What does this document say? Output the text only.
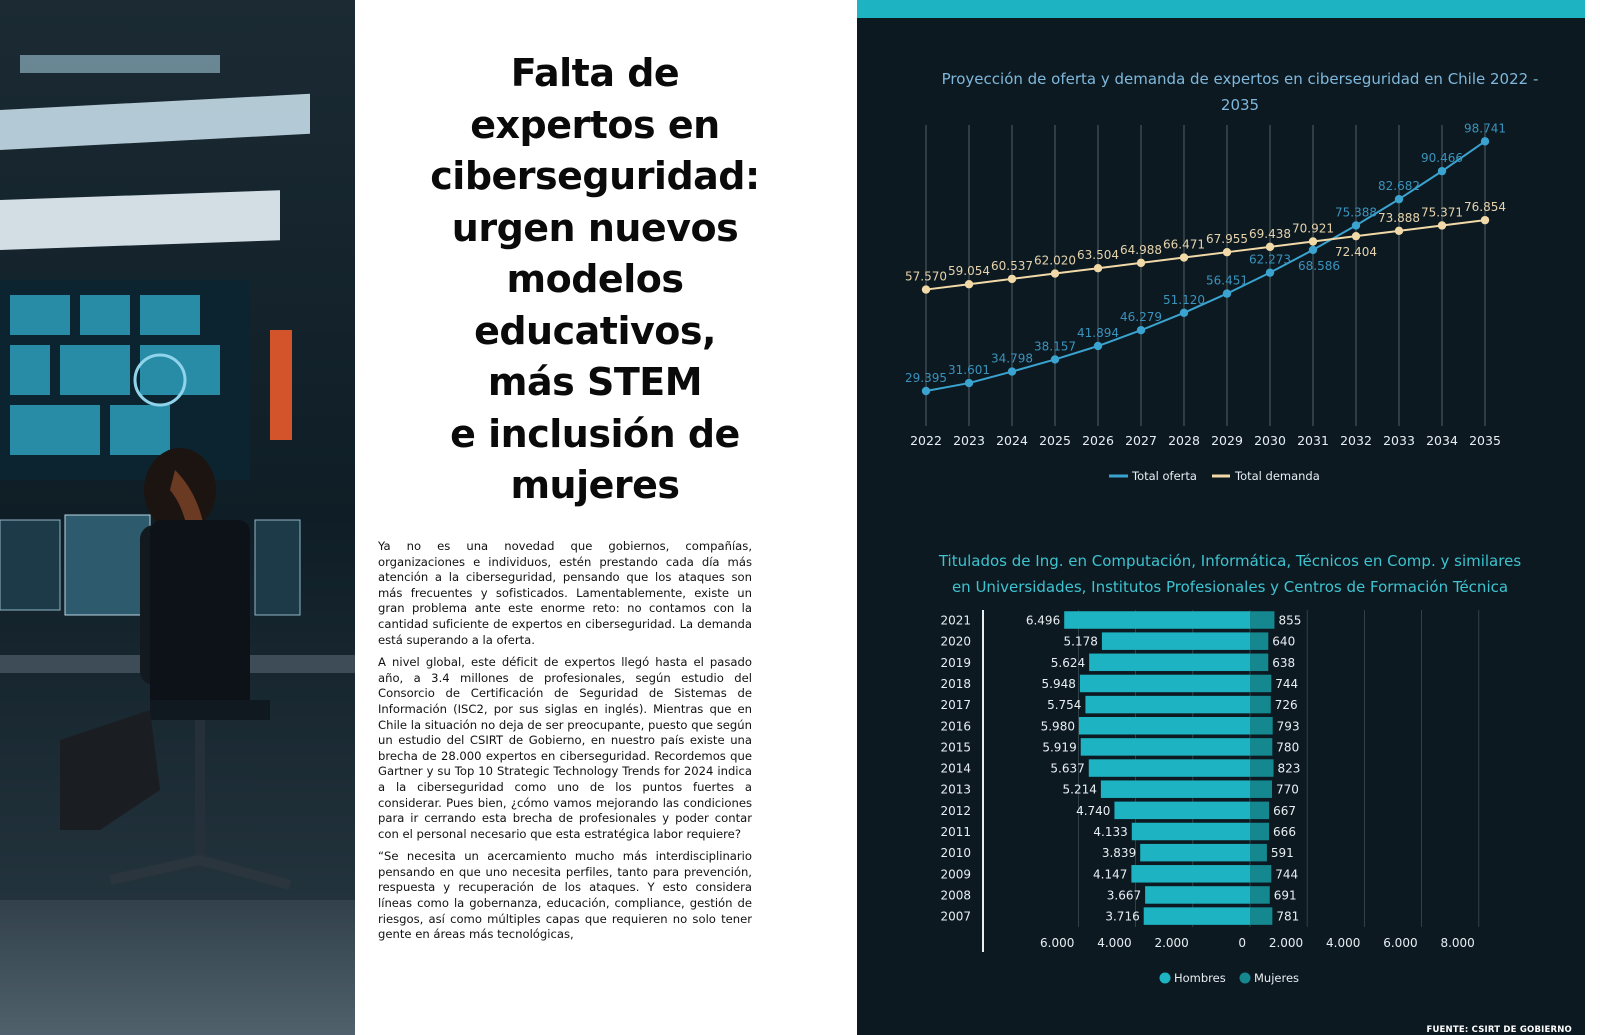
Falta de
expertos en
ciberseguridad:
urgen nuevos
modelos
educativos,
más STEM
e inclusión de
mujeres

Ya no es una novedad que gobiernos, compañías, organizaciones e individuos, estén prestando cada día más atención a la ciberseguridad, pensando que los ataques son más frecuentes y sofisticados. Lamentablemente, existe un gran problema ante este enorme reto: no contamos con la cantidad suficiente de expertos en ciberseguridad. La demanda está superando a la oferta.

A nivel global, este déficit de expertos llegó hasta el pasado año, a 3.4 millones de profesionales, según estudio del Consorcio de Certificación de Seguridad de Sistemas de Información (ISC2, por sus siglas en inglés). Mientras que en Chile la situación no deja de ser preocupante, puesto que según un estudio del CSIRT de Gobierno, en nuestro país existe una brecha de 28.000 expertos en ciberseguridad. Recordemos que Gartner y su Top 10 Strategic Technology Trends for 2024 indica a la ciberseguridad como uno de los puntos fuertes a considerar. Pues bien, ¿cómo vamos mejorando las condiciones para ir cerrando esta brecha de profesionales y poder contar con el personal necesario que esta estratégica labor requiere?

“Se necesita un acercamiento mucho más interdisciplinario pensando en que uno necesita perfiles, tanto para prevención, respuesta y recuperación de los ataques. Y esto considera líneas como la gobernanza, educación, compliance, gestión de riesgos, así como múltiples capas que requieren no solo tener gente en áreas más tecnológicas,

Proyección de oferta y demanda de expertos en ciberseguridad en Chile 2022 - 2035
Titulados de Ing. en Computación, Informática, Técnicos en Comp. y similares en Universidades, Institutos Profesionales y Centros de Formación Técnica
2022 2023 2024 2025 2026 2027 2028 2029 2030 2031 2032 2033 2034 2035
29.395
31.601
34.798
38.157
41.894
46.279
51.120
56.451
62.273 68.586
75.388
82.682
90.466
98.741
57.570 59.054 60.537 62.020 63.504 64.988 66.471 67.955 69.438 70.921
72.404
73.888 75.371 76.854
Total oferta	Total demanda
2021	6.496	855
2020	5.178	640
2019	5.624	638
2018	5.948	744
2017	5.754	726
2016	5.980	793
2015	5.919	780
2014	5.637	823
2013	5.214	770
2012	4.740	667
2011	4.133	666
2010	3.839	591
2009	4.147	744
2008	3.667	691
2007	3.716	781
6.000 4.000 2.000	0 2.000 4.000 6.000 8.000
Hombres Mujeres
FUENTE: CSIRT DE GOBIERNO
